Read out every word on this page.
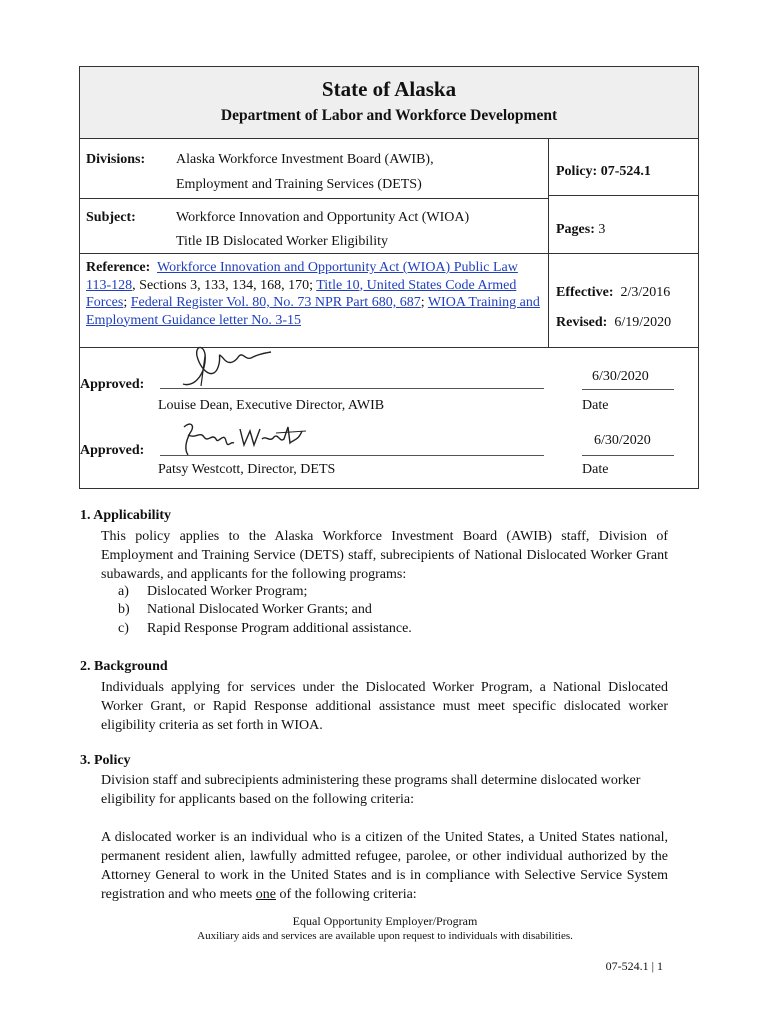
State of Alaska
Department of Labor and Workforce Development
Divisions: Alaska Workforce Investment Board (AWIB),
Employment and Training Services (DETS)
Policy: 07-524.1
Subject:	Workforce Innovation and Opportunity Act (WIOA)
Title IB Dislocated Worker Eligibility
Pages: 3
Reference: Workforce Innovation and Opportunity Act (WIOA) Public Law 113-128, Sections 3, 133, 134, 168, 170; Title 10, United States Code Armed Forces; Federal Register Vol. 80, No. 73 NPR Part 680, 687; WIOA Training and Employment Guidance letter No. 3-15
Effective: 2/3/2016
Revised: 6/19/2020
Approved:
Louise Dean, Executive Director, AWIB
6/30/2020
Date
Approved:
Patsy Westcott, Director, DETS
6/30/2020
Date
1. Applicability
This policy applies to the Alaska Workforce Investment Board (AWIB) staff, Division of Employment and Training Service (DETS) staff, subrecipients of National Dislocated Worker Grant subawards, and applicants for the following programs:
a) Dislocated Worker Program;
b) National Dislocated Worker Grants; and
c) Rapid Response Program additional assistance.
2. Background
Individuals applying for services under the Dislocated Worker Program, a National Dislocated Worker Grant, or Rapid Response additional assistance must meet specific dislocated worker eligibility criteria as set forth in WIOA.
3. Policy
Division staff and subrecipients administering these programs shall determine dislocated worker eligibility for applicants based on the following criteria:
A dislocated worker is an individual who is a citizen of the United States, a United States national, permanent resident alien, lawfully admitted refugee, parolee, or other individual authorized by the Attorney General to work in the United States and is in compliance with Selective Service System registration and who meets one of the following criteria:
Equal Opportunity Employer/Program
Auxiliary aids and services are available upon request to individuals with disabilities.
07-524.1 | 1
